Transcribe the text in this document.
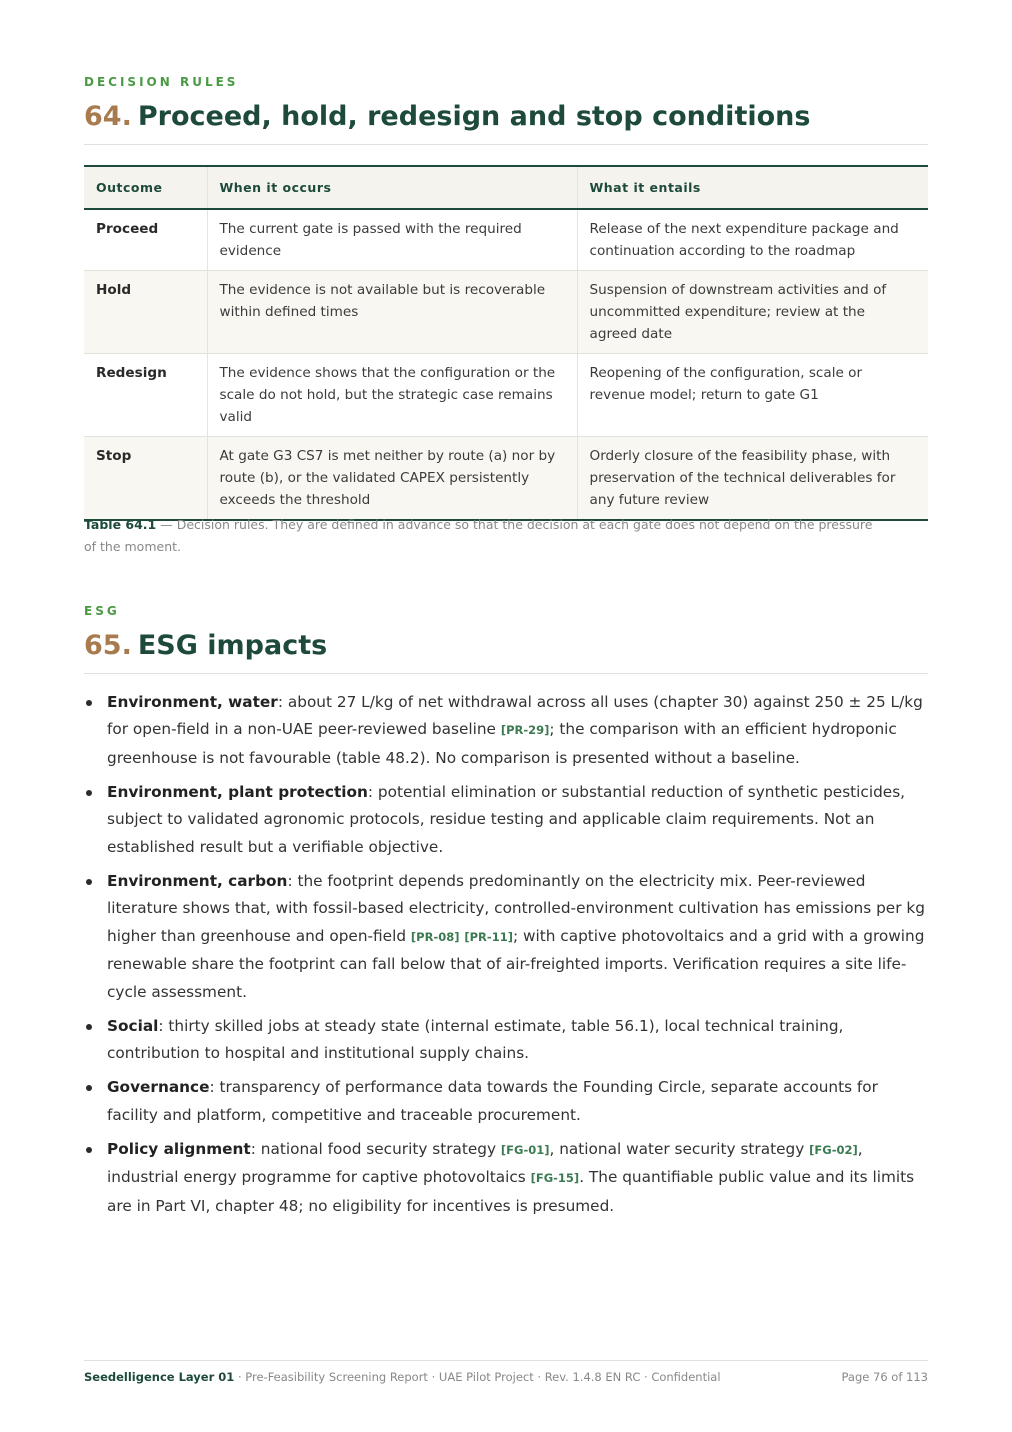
DECISION RULES
64. Proceed, hold, redesign and stop conditions
Outcome	When it occurs	What it entails
Proceed	The current gate is passed with the required evidence	Release of the next expenditure package and continuation according to the roadmap
Hold	The evidence is not available but is recoverable within defined times	Suspension of downstream activities and of uncommitted expenditure; review at the agreed date
Redesign	The evidence shows that the configuration or the scale do not hold, but the strategic case remains valid	Reopening of the configuration, scale or revenue model; return to gate G1
Stop	At gate G3 CS7 is met neither by route (a) nor by route (b), or the validated CAPEX persistently exceeds the threshold	Orderly closure of the feasibility phase, with preservation of the technical deliverables for any future review
Table 64.1 — Decision rules. They are defined in advance so that the decision at each gate does not depend on the pressure of the moment.
ESG
65. ESG impacts
Environment, water: about 27 L/kg of net withdrawal across all uses (chapter 30) against 250 ± 25 L/kg for open-field in a non-UAE peer-reviewed baseline [PR-29]; the comparison with an efficient hydroponic greenhouse is not favourable (table 48.2). No comparison is presented without a baseline.
Environment, plant protection: potential elimination or substantial reduction of synthetic pesticides, subject to validated agronomic protocols, residue testing and applicable claim requirements. Not an established result but a verifiable objective.
Environment, carbon: the footprint depends predominantly on the electricity mix. Peer-reviewed literature shows that, with fossil-based electricity, controlled-environment cultivation has emissions per kg higher than greenhouse and open-field [PR-08] [PR-11]; with captive photovoltaics and a grid with a growing renewable share the footprint can fall below that of air-freighted imports. Verification requires a site life-cycle assessment.
Social: thirty skilled jobs at steady state (internal estimate, table 56.1), local technical training, contribution to hospital and institutional supply chains.
Governance: transparency of performance data towards the Founding Circle, separate accounts for facility and platform, competitive and traceable procurement.
Policy alignment: national food security strategy [FG-01], national water security strategy [FG-02], industrial energy programme for captive photovoltaics [FG-15]. The quantifiable public value and its limits are in Part VI, chapter 48; no eligibility for incentives is presumed.
Seedelligence Layer 01 · Pre-Feasibility Screening Report · UAE Pilot Project · Rev. 1.4.8 EN RC · Confidential	Page 76 of 113
